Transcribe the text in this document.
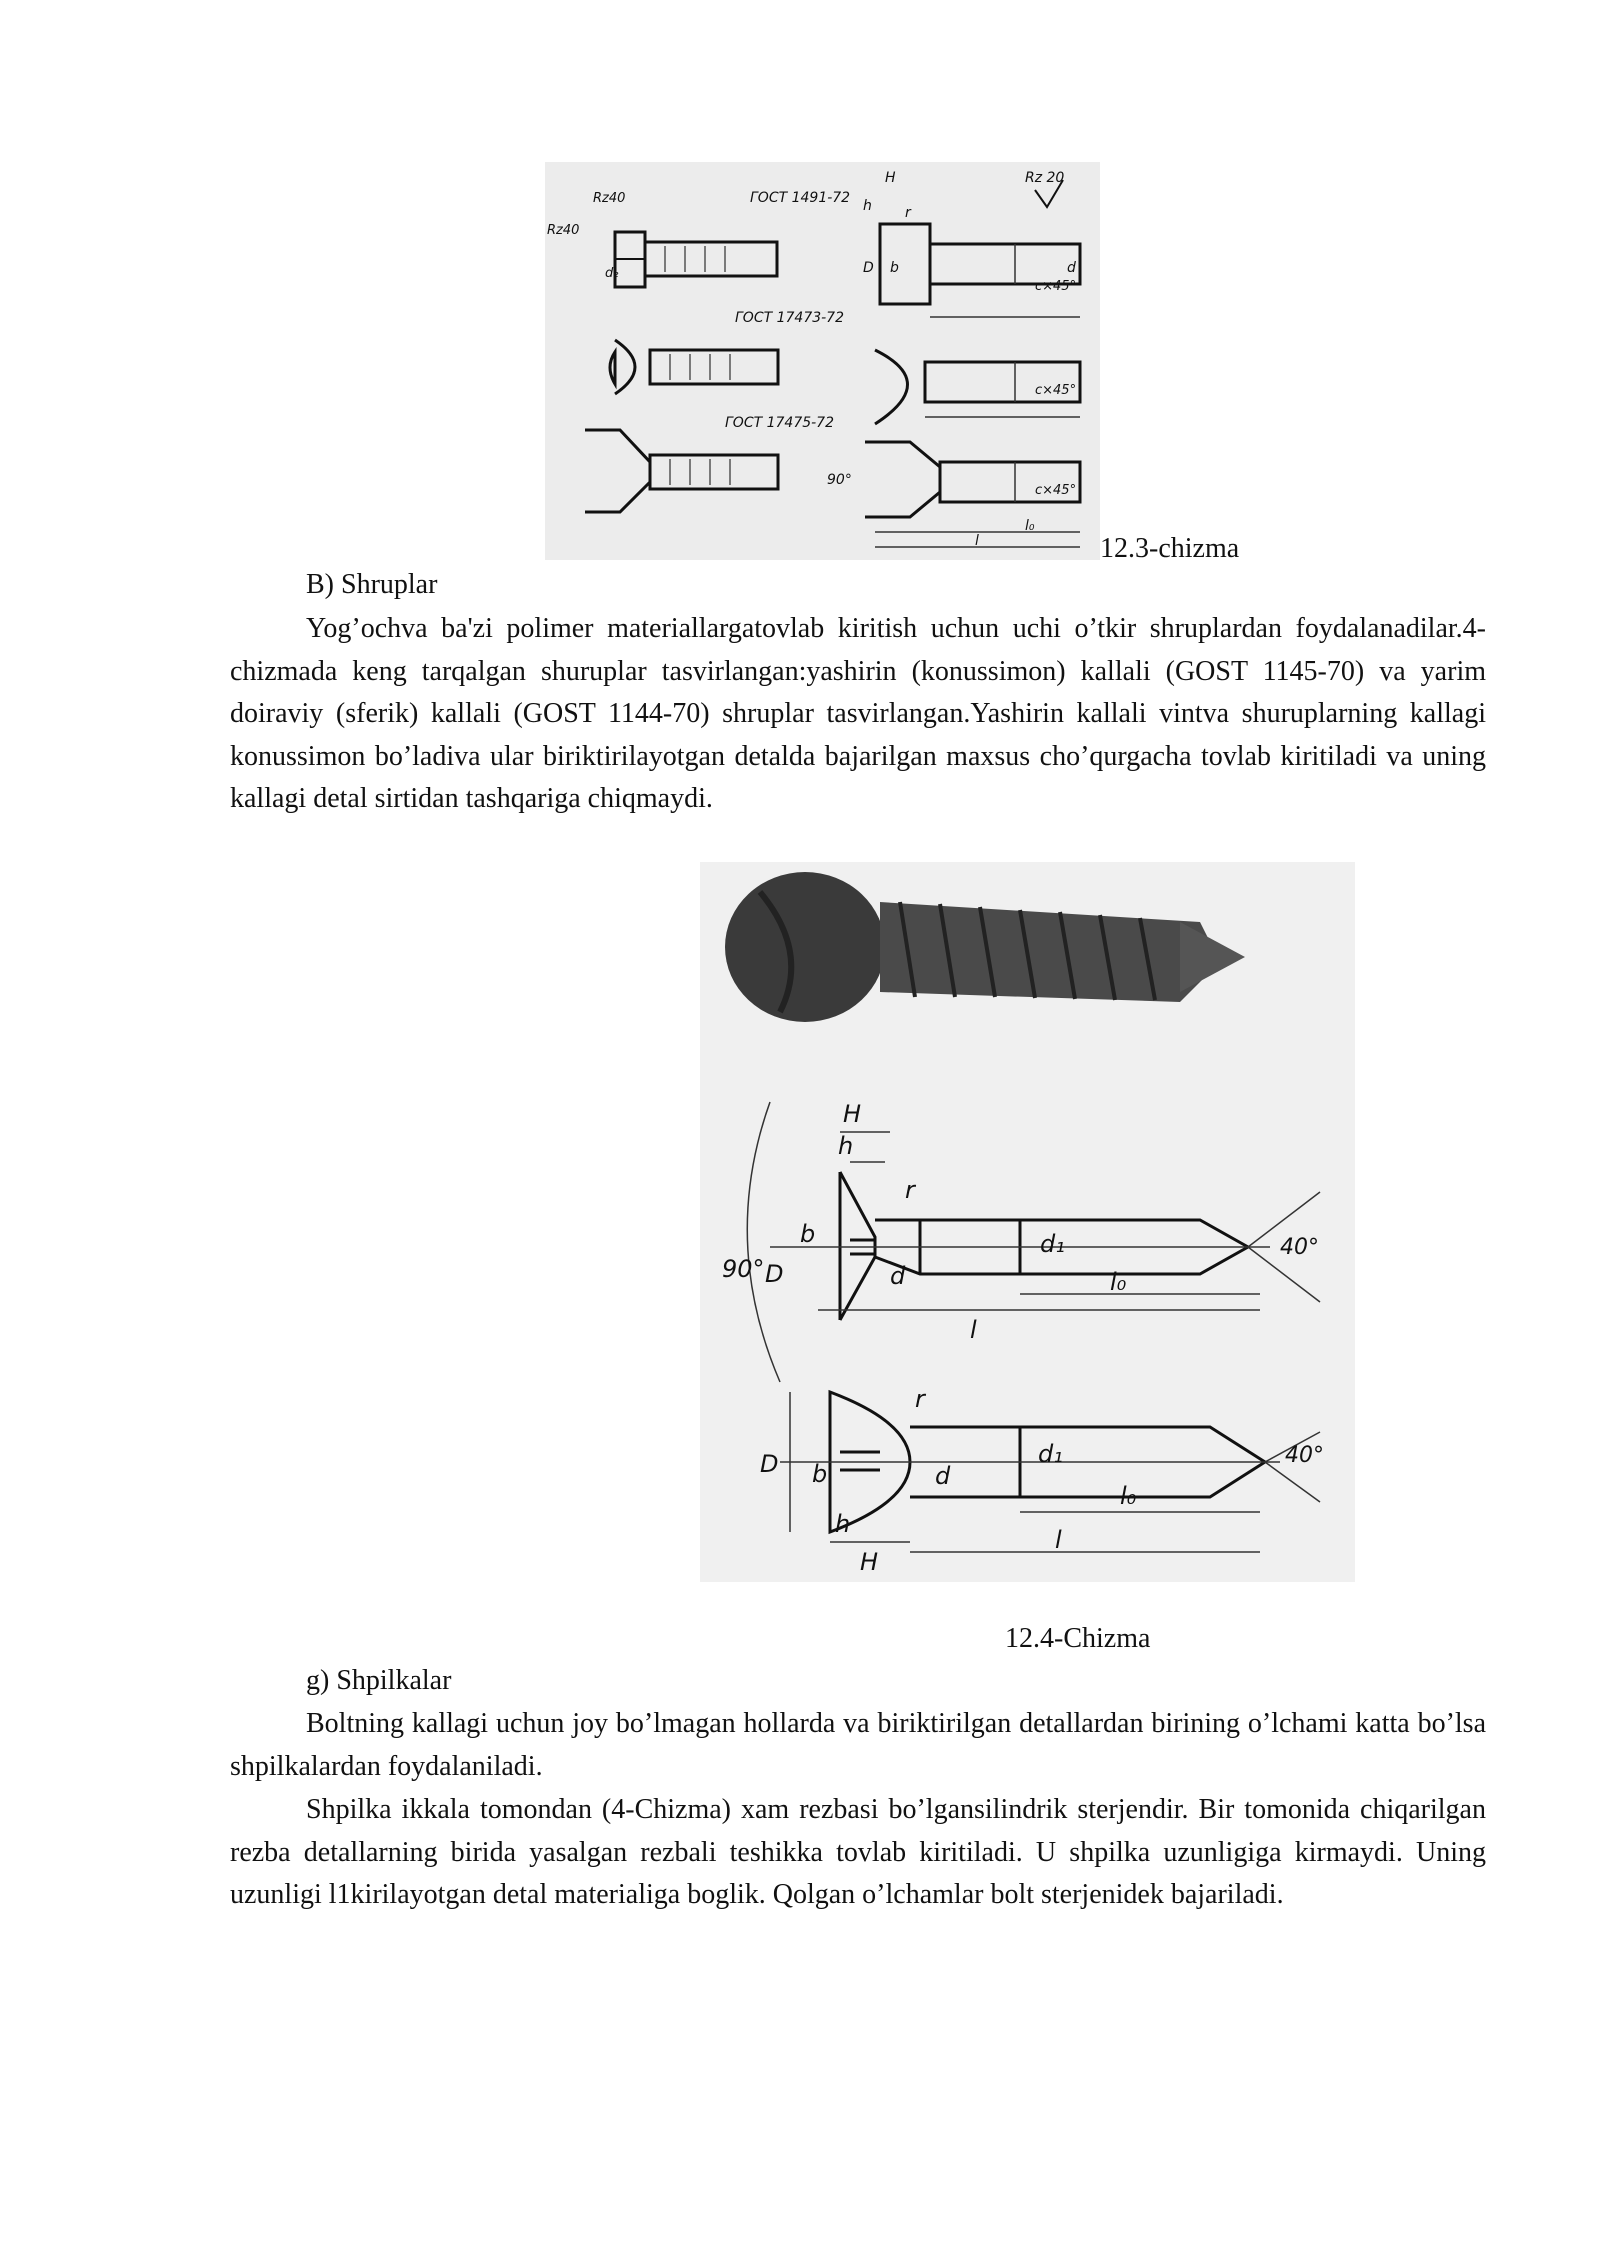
ГОСТ 1491-72
ГОСТ 17473-72
ГОСТ 17475-72
Rz 20
Rz40
Rz40
c×45°
c×45°
c×45°
90°
H
h
D	d
d₂	b
l
l₀
r
12.3-chizma
B) Shruplar

Yog’ochva ba'zi polimer materiallargatovlab kiritish uchun uchi o’tkir shruplardan foydalanadilar.4-chizmada keng tarqalgan shuruplar tasvirlangan:yashirin (konussimon) kallali (GOST 1145-70) va yarim doiraviy (sferik) kallali (GOST 1144-70) shruplar tasvirlangan.Yashirin kallali vintva shuruplarning kallagi konussimon bo’ladiva ular biriktirilayotgan detalda bajarilgan maxsus cho’qurgacha tovlab kiritiladi va uning kallagi detal sirtidan tashqariga chiqmaydi.

H
h
r
b
D	d
d₁
l₀
l
90°
40°
r
D b	d
d₁
l₀
h
H
l
40°
12.4-Chizma
g) Shpilkalar

Boltning kallagi uchun joy bo’lmagan hollarda va biriktirilgan detallardan birining o’lchami katta bo’lsa shpilkalardan foydalaniladi.

Shpilka ikkala tomondan (4-Chizma) xam rezbasi bo’lgansilindrik sterjendir. Bir tomonida chiqarilgan rezba detallarning birida yasalgan rezbali teshikka tovlab kiritiladi. U shpilka uzunligiga kirmaydi. Uning uzunligi l1kirilayotgan detal materialiga boglik. Qolgan o’lchamlar bolt sterjenidek bajariladi.
